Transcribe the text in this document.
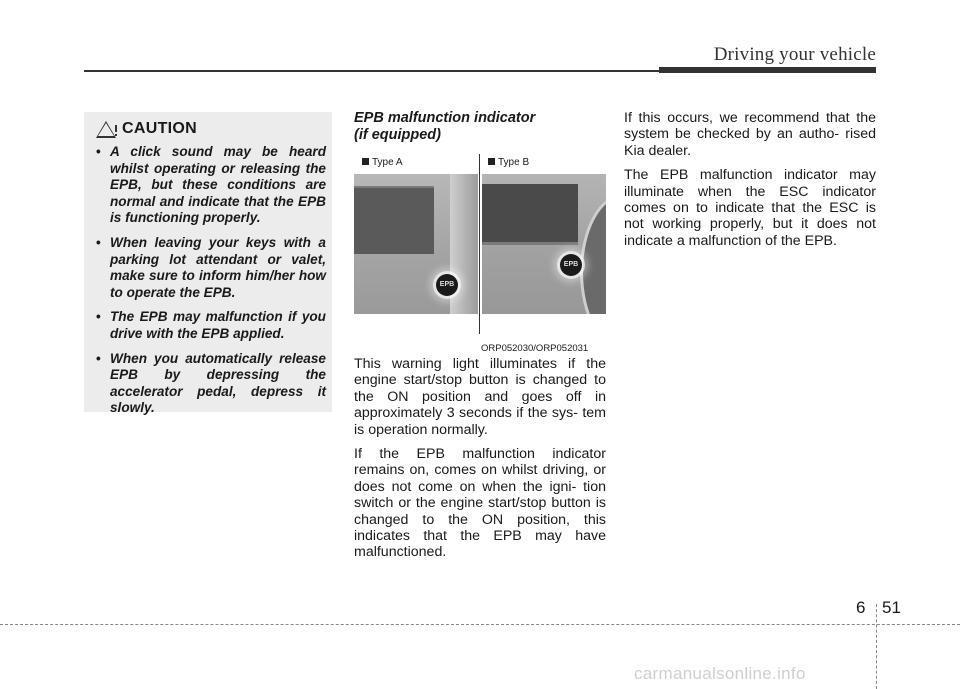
Driving your vehicle
CAUTION
• A click sound may be heard whilst operating or releasing the EPB, but these conditions are normal and indicate that the EPB is functioning properly.
• When leaving your keys with a parking lot attendant or valet, make sure to inform him/her how to operate the EPB.
• The EPB may malfunction if you drive with the EPB applied.
• When you automatically release EPB by depressing the accelerator pedal, depress it slowly.
EPB malfunction indicator
(if equipped)
Type A	Type B
EPB
EPB
ORP052030/ORP052031

This warning light illuminates if the engine start/stop button is changed to the ON position and goes off in approximately 3 seconds if the sys- tem is operation normally.

If the EPB malfunction indicator remains on, comes on whilst driving, or does not come on when the igni- tion switch or the engine start/stop button is changed to the ON position, this indicates that the EPB may have malfunctioned.

If this occurs, we recommend that the system be checked by an autho- rised Kia dealer.

The EPB malfunction indicator may illuminate when the ESC indicator comes on to indicate that the ESC is not working properly, but it does not indicate a malfunction of the EPB.

6 51
carmanualsonline.info
